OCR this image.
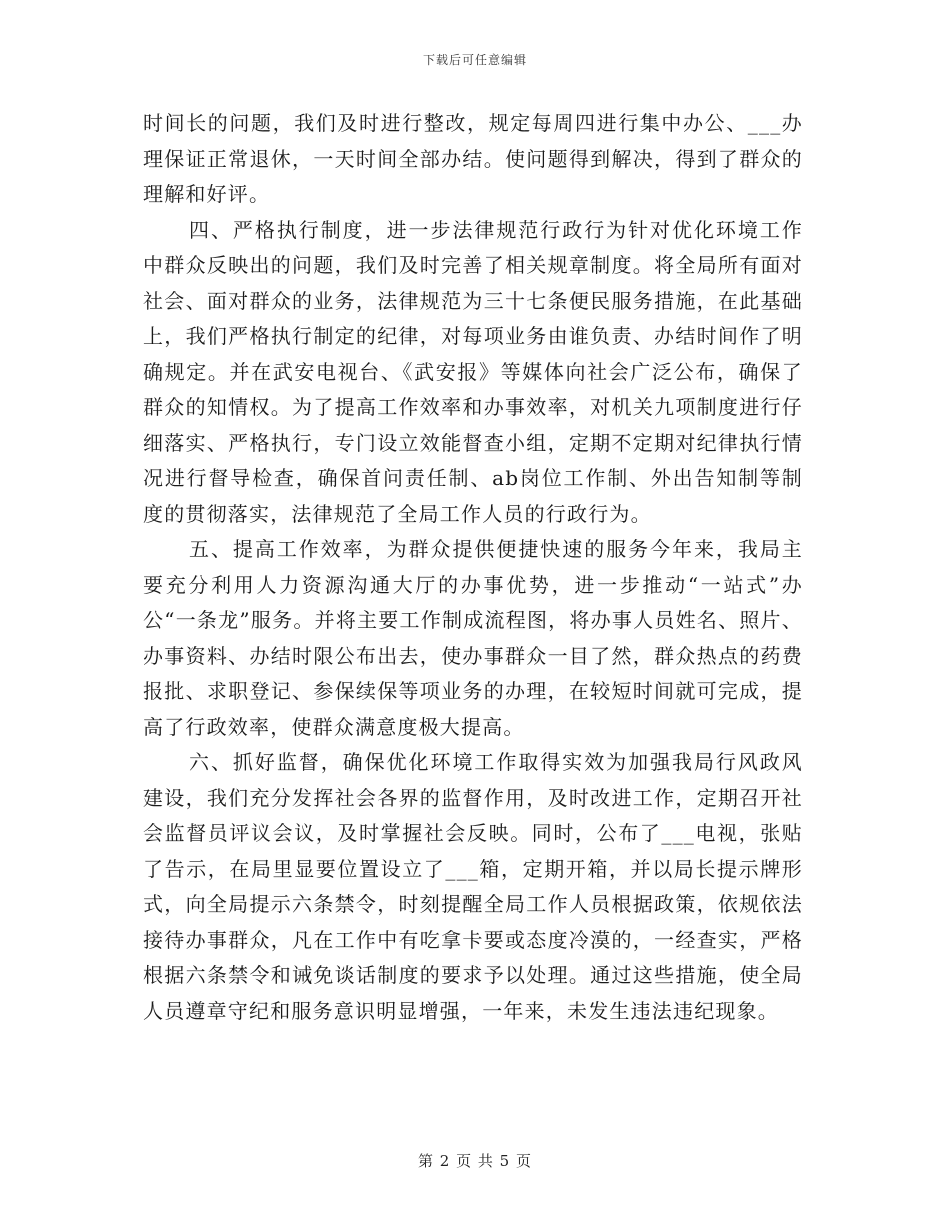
下载后可任意编辑

时间长的问题，我们及时进行整改，规定每周四进行集中办公、___办理保证正常退休，一天时间全部办结。使问题得到解决，得到了群众的理解和好评。

四、严格执行制度，进一步法律规范行政行为针对优化环境工作中群众反映出的问题，我们及时完善了相关规章制度。将全局所有面对社会、面对群众的业务，法律规范为三十七条便民服务措施，在此基础上，我们严格执行制定的纪律，对每项业务由谁负责、办结时间作了明确规定。并在武安电视台、《武安报》等媒体向社会广泛公布，确保了群众的知情权。为了提高工作效率和办事效率，对机关九项制度进行仔细落实、严格执行，专门设立效能督查小组，定期不定期对纪律执行情况进行督导检查，确保首问责任制、ab岗位工作制、外出告知制等制度的贯彻落实，法律规范了全局工作人员的行政行为。

五、提高工作效率，为群众提供便捷快速的服务今年来，我局主要充分利用人力资源沟通大厅的办事优势，进一步推动“一站式”办公“一条龙”服务。并将主要工作制成流程图，将办事人员姓名、照片、办事资料、办结时限公布出去，使办事群众一目了然，群众热点的药费报批、求职登记、参保续保等项业务的办理，在较短时间就可完成，提高了行政效率，使群众满意度极大提高。

六、抓好监督，确保优化环境工作取得实效为加强我局行风政风建设，我们充分发挥社会各界的监督作用，及时改进工作，定期召开社会监督员评议会议，及时掌握社会反映。同时，公布了___电视，张贴了告示，在局里显要位置设立了___箱，定期开箱，并以局长提示牌形式，向全局提示六条禁令，时刻提醒全局工作人员根据政策，依规依法接待办事群众，凡在工作中有吃拿卡要或态度冷漠的，一经查实，严格根据六条禁令和诫免谈话制度的要求予以处理。通过这些措施，使全局人员遵章守纪和服务意识明显增强，一年来，未发生违法违纪现象。

第 2 页 共 5 页
